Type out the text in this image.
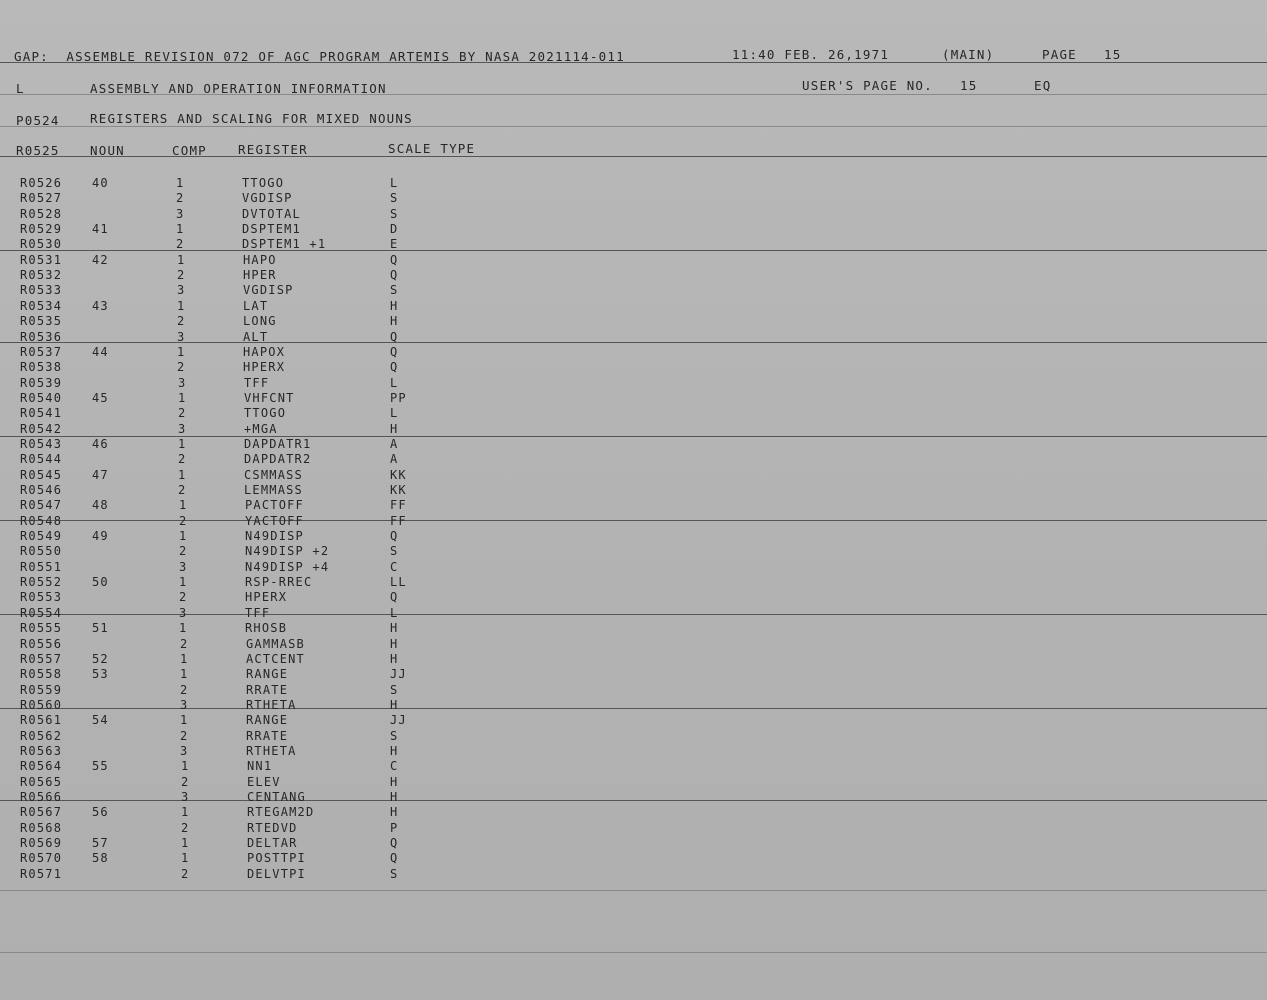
GAP:  ASSEMBLE REVISION 072 OF AGC PROGRAM ARTEMIS BY NASA 2021114-011	11:40 FEB. 26,1971	(MAIN)	PAGE 15
L	ASSEMBLY AND OPERATION INFORMATION	USER'S PAGE NO. 15	EQ
P0524 REGISTERS AND SCALING FOR MIXED NOUNS
R0525 NOUN	COMP REGISTER	SCALE TYPE
R0526 40	1	TTOGO	L
R0527	2	VGDISP	S
R0528	3	DVTOTAL	S
R0529 41	1	DSPTEM1	D
R0530	2	DSPTEM1 +1	E
R0531 42	1	HAPO	Q
R0532	2	HPER	Q
R0533	3	VGDISP	S
R0534 43	1	LAT	H
R0535	2	LONG	H
R0536	3	ALT	Q
R0537 44	1	HAPOX	Q
R0538	2	HPERX	Q
R0539	3	TFF	L
R0540 45	1	VHFCNT	PP
R0541	2	TTOGO	L
R0542	3	+MGA	H
R0543 46	1	DAPDATR1	A
R0544	2	DAPDATR2	A
R0545 47	1	CSMMASS	KK
R0546	2	LEMMASS	KK
R0547 48	1	PACTOFF	FF
R0548	2	YACTOFF	FF
R0549 49	1	N49DISP	Q
R0550	2	N49DISP +2	S
R0551	3	N49DISP +4	C
R0552 50	1	RSP-RREC	LL
R0553	2	HPERX	Q
R0554	3	TFF	L
R0555 51	1	RHOSB	H
R0556	2	GAMMASB	H
R0557 52	1	ACTCENT	H
R0558 53	1	RANGE	JJ
R0559	2	RRATE	S
R0560	3	RTHETA	H
R0561 54	1	RANGE	JJ
R0562	2	RRATE	S
R0563	3	RTHETA	H
R0564 55	1	NN1	C
R0565	2	ELEV	H
R0566	3	CENTANG	H
R0567 56	1	RTEGAM2D	H
R0568	2	RTEDVD	P
R0569 57	1	DELTAR	Q
R0570 58	1	POSTTPI	Q
R0571	2	DELVTPI	S
